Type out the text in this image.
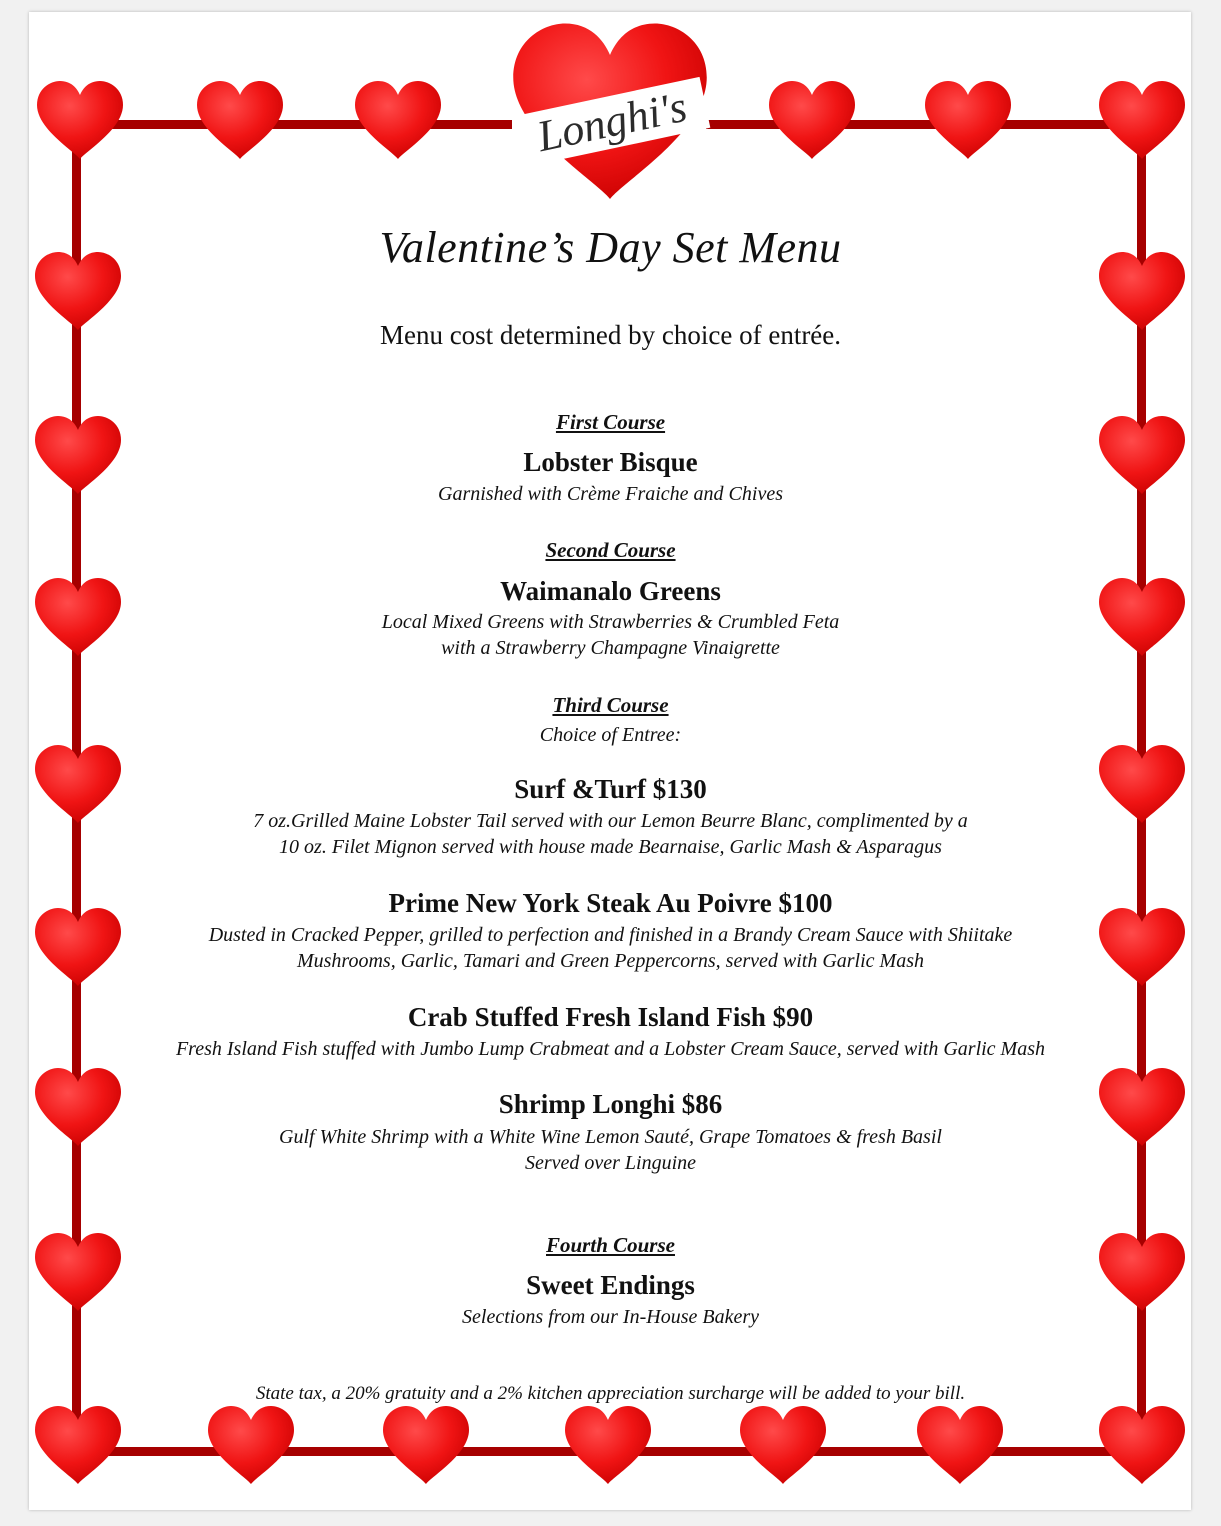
Longhi's
Valentine’s Day Set Menu
Menu cost determined by choice of entrée.
First Course
Lobster Bisque
Garnished with Crème Fraiche and Chives
Second Course
Waimanalo Greens
Local Mixed Greens with Strawberries & Crumbled Feta
with a Strawberry Champagne Vinaigrette
Third Course
Choice of Entree:
Surf &Turf $130
7 oz.Grilled Maine Lobster Tail served with our Lemon Beurre Blanc, complimented by a
10 oz. Filet Mignon served with house made Bearnaise, Garlic Mash & Asparagus
Prime New York Steak Au Poivre $100
Dusted in Cracked Pepper, grilled to perfection and finished in a Brandy Cream Sauce with Shiitake
Mushrooms, Garlic, Tamari and Green Peppercorns, served with Garlic Mash
Crab Stuffed Fresh Island Fish $90
Fresh Island Fish stuffed with Jumbo Lump Crabmeat and a Lobster Cream Sauce, served with Garlic Mash
Shrimp Longhi $86
Gulf White Shrimp with a White Wine Lemon Sauté, Grape Tomatoes & fresh Basil
Served over Linguine
Fourth Course
Sweet Endings
Selections from our In-House Bakery
State tax, a 20% gratuity and a 2% kitchen appreciation surcharge will be added to your bill.
